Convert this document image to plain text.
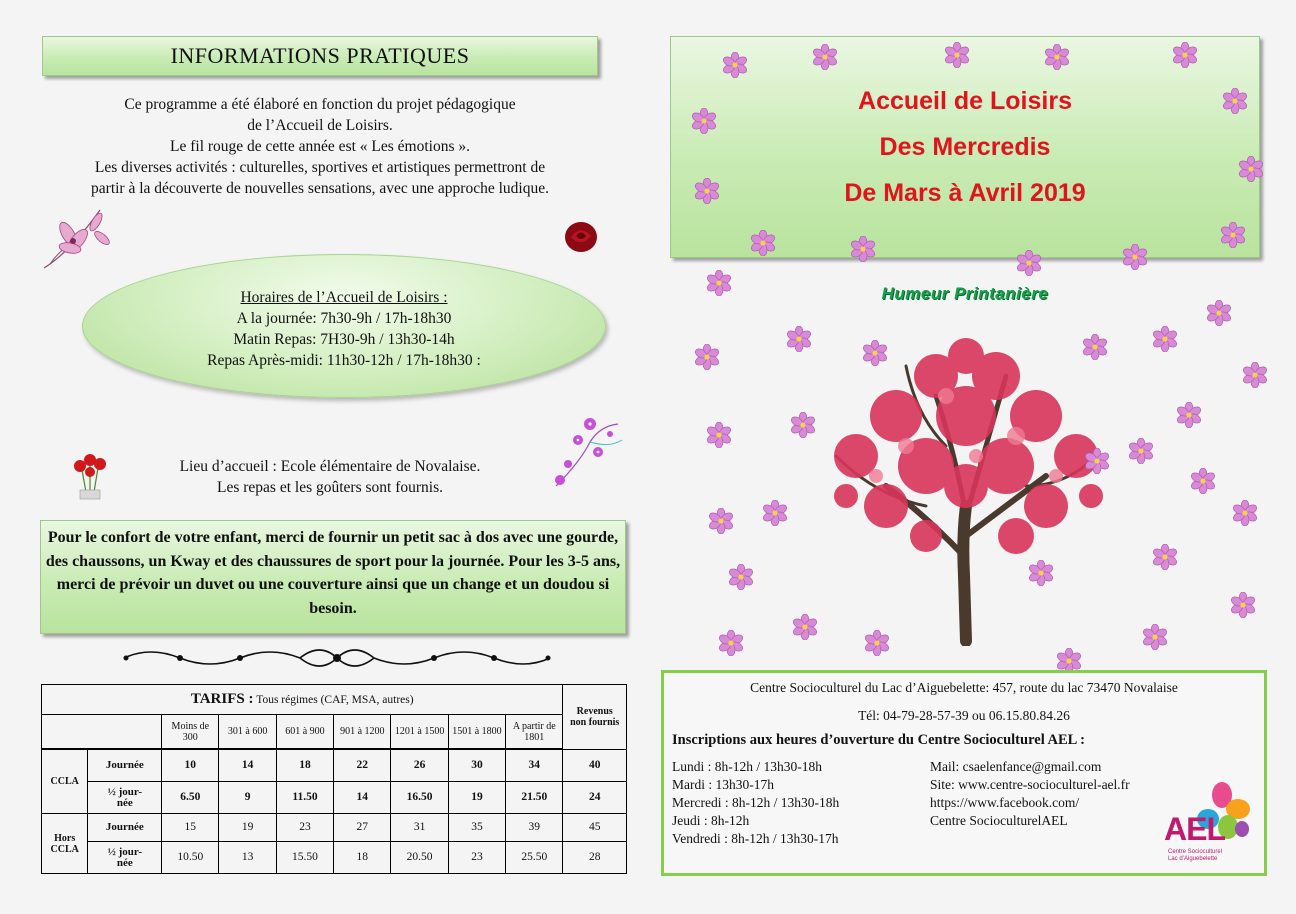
INFORMATIONS PRATIQUES
Ce programme a été élaboré en fonction du projet pédagogique
de l’Accueil de Loisirs.
Le fil rouge de cette année est « Les émotions ».
Les diverses activités : culturelles, sportives et artistiques permettront de
partir à la découverte de nouvelles sensations, avec une approche ludique.
Horaires de l’Accueil de Loisirs :
A la journée: 7h30-9h / 17h-18h30
Matin Repas: 7H30-9h / 13h30-14h
Repas Après-midi: 11h30-12h / 17h-18h30 :
Lieu d’accueil : Ecole élémentaire de Novalaise.
Les repas et les goûters sont fournis.
Pour le confort de votre enfant, merci de fournir un petit sac à dos avec une gourde, des chaussons, un Kway et des chaussures de sport pour la journée. Pour les 3-5 ans, merci de prévoir un duvet ou une couverture ainsi que un change et un doudou si besoin.
TARIFS : Tous régimes (CAF, MSA, autres)									Revenus non fournis
		Moins de 300	301 à 600	601 à 900	901 à 1200	1201 à 1500	1501 à 1800	A partir de 1801	

CCLA	Journée	10	14	18	22	26	30	34	40
	½ jour-née	6.50	9	11.50	14	16.50	19	21.50	24
Hors CCLA	Journée	15	19	23	27	31	35	39	45
	½ jour-née	10.50	13	15.50	18	20.50	23	25.50	28
Accueil de Loisirs
Des Mercredis
De Mars à Avril 2019
Humeur Printanière
Centre Socioculturel du Lac d’Aiguebelette: 457, route du lac 73470 Novalaise
Tél: 04-79-28-57-39 ou 06.15.80.84.26
Inscriptions aux heures d’ouverture du Centre Socioculturel AEL :
Lundi : 8h-12h / 13h30-18h
Mardi : 13h30-17h
Mercredi : 8h-12h / 13h30-18h
Jeudi : 8h-12h
Vendredi : 8h-12h / 13h30-17h
Mail: csaelenfance@gmail.com
Site: www.centre-socioculturel-ael.fr
https://www.facebook.com/
Centre SocioculturelAEL	AEL
Centre Socioculturel Lac d’Aiguebelette
